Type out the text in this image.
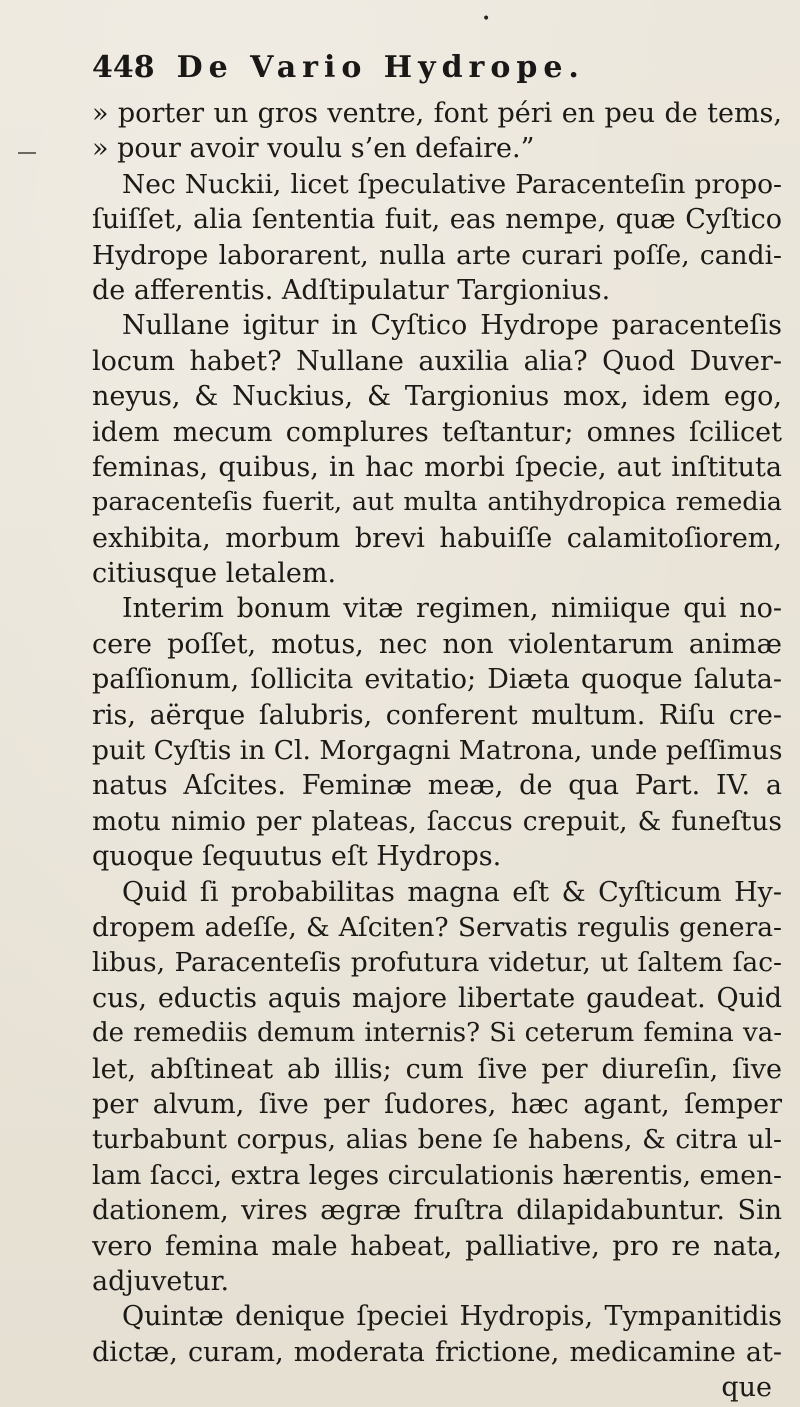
•
448 De Vario Hydrope.
» porter un gros ventre, font péri en peu de tems,
» pour avoir voulu s’en defaire.”
Nec Nuckii, licet ſpeculative Paracenteſin propo-
ſuiſſet, alia ſententia fuit, eas nempe, quæ Cyſtico
Hydrope laborarent, nulla arte curari poſſe, candi-
de afferentis. Adſtipulatur Targionius.
Nullane igitur in Cyſtico Hydrope paracenteſis
locum habet? Nullane auxilia alia? Quod Duver-
neyus, & Nuckius, & Targionius mox, idem ego,
idem mecum complures teſtantur; omnes ſcilicet
feminas, quibus, in hac morbi ſpecie, aut inſtituta
paracenteſis fuerit, aut multa antihydropica remedia
exhibita, morbum brevi habuiſſe calamitoſiorem,
citiusque letalem.
Interim bonum vitæ regimen, nimiique qui no-
cere poſſet, motus, nec non violentarum animæ
paſſionum, ſollicita evitatio; Diæta quoque ſaluta-
ris, aërque ſalubris, conferent multum. Riſu cre-
puit Cyſtis in Cl. Morgagni Matrona, unde peſſimus
natus Aſcites. Feminæ meæ, de qua Part. IV. a
motu nimio per plateas, ſaccus crepuit, & funeſtus
quoque ſequutus eſt Hydrops.
Quid ſi probabilitas magna eſt & Cyſticum Hy-
dropem adeſſe, & Aſciten? Servatis regulis genera-
libus, Paracenteſis profutura videtur, ut ſaltem ſac-
cus, eductis aquis majore libertate gaudeat. Quid
de remediis demum internis? Si ceterum femina va-
let, abſtineat ab illis; cum ſive per diureſin, ſive
per alvum, ſive per ſudores, hæc agant, ſemper
turbabunt corpus, alias bene ſe habens, & citra ul-
lam ſacci, extra leges circulationis hærentis, emen-
dationem, vires ægræ fruſtra dilapidabuntur. Sin
vero femina male habeat, palliative, pro re nata,
adjuvetur.
Quintæ denique ſpeciei Hydropis, Tympanitidis
dictæ, curam, moderata frictione, medicamine at-
que
